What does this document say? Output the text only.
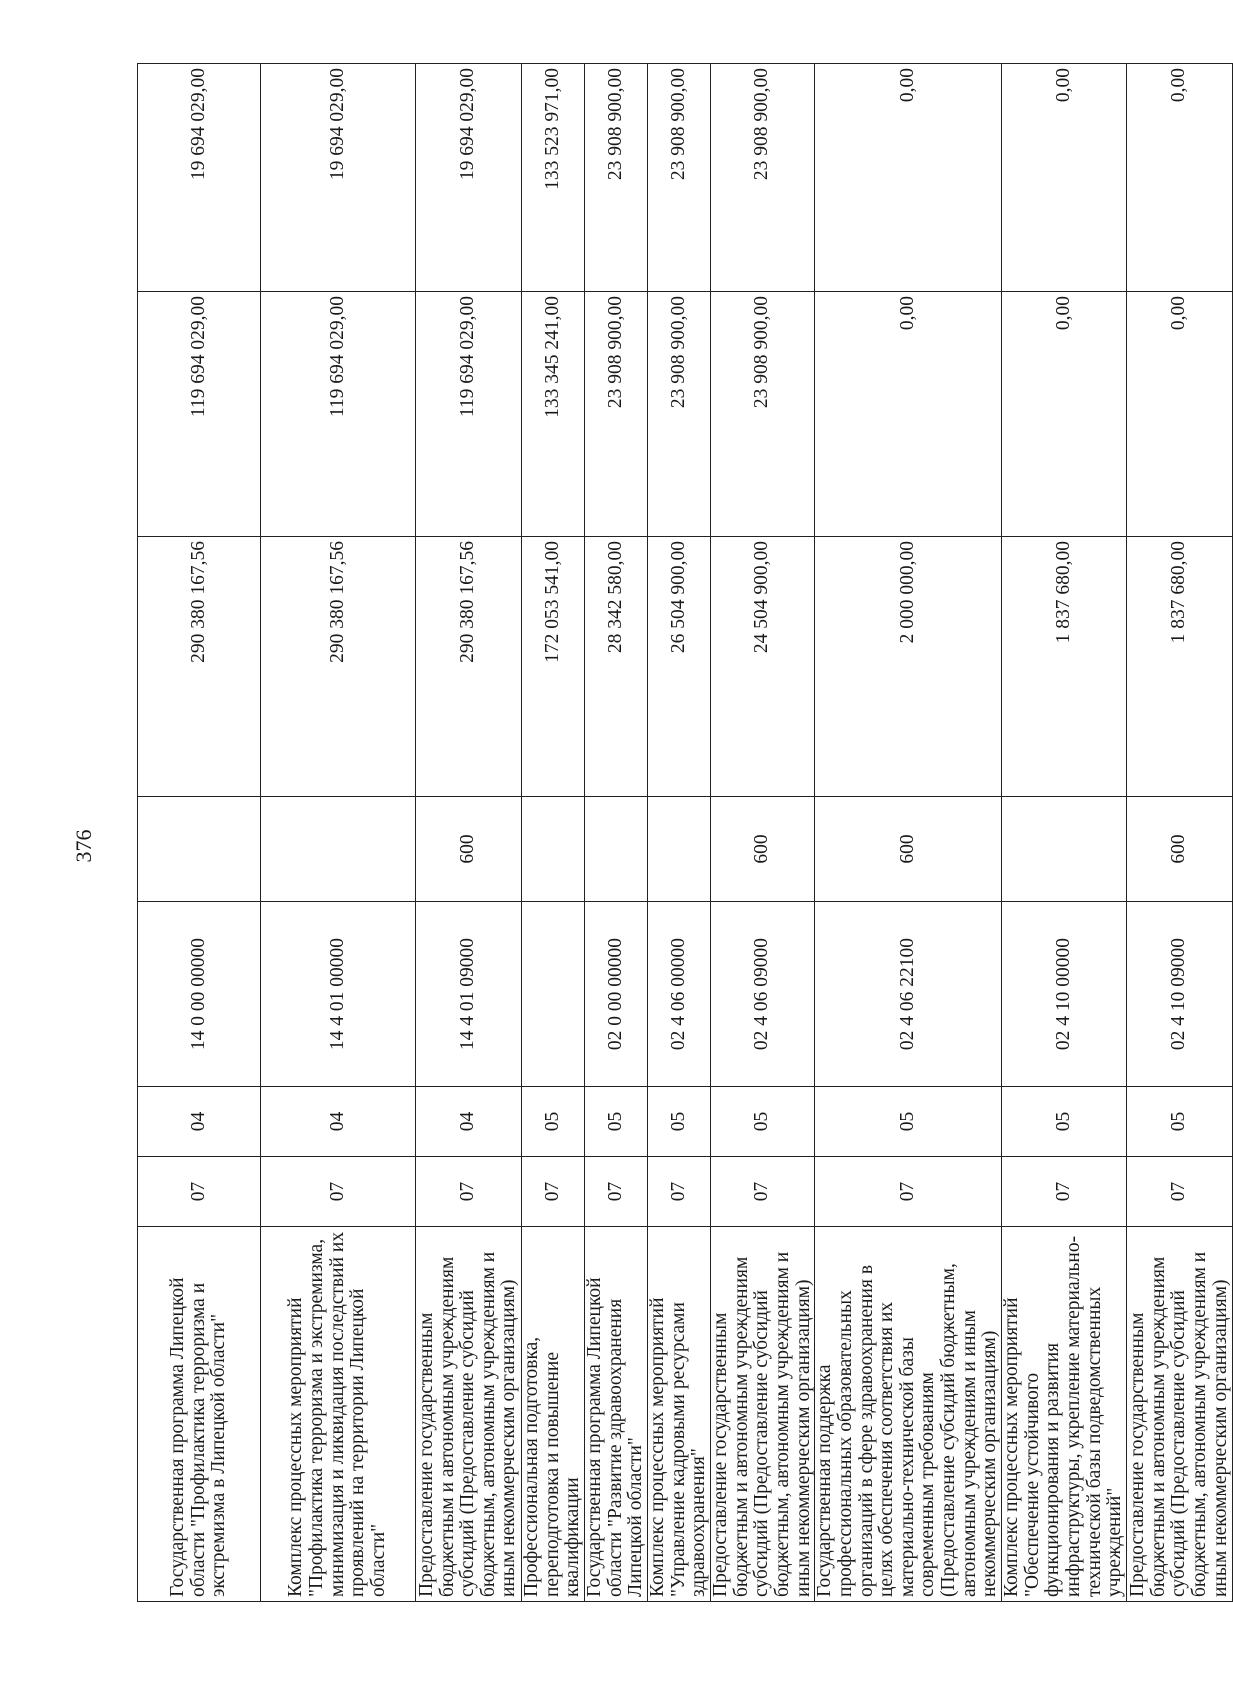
376
Государственная программа Липецкой области "Профилактика терроризма и экстремизма в Липецкой области"	07	04	14 0 00 00000		290 380 167,56	119 694 029,00	19 694 029,00
Комплекс процессных мероприятий "Профилактика терроризма и экстремизма, минимизация и ликвидация последствий их проявлений на территории Липецкой области"	07	04	14 4 01 00000		290 380 167,56	119 694 029,00	19 694 029,00
Предоставление государственным бюджетным и автономным учреждениям субсидий (Предоставление субсидий бюджетным, автономным учреждениям и иным некоммерческим организациям)	07	04	14 4 01 09000	600	290 380 167,56	119 694 029,00	19 694 029,00
Профессиональная подготовка, переподготовка и повышение квалификации	07	05			172 053 541,00	133 345 241,00	133 523 971,00
Государственная программа Липецкой области "Развитие здравоохранения Липецкой области"	07	05	02 0 00 00000		28 342 580,00	23 908 900,00	23 908 900,00
Комплекс процессных мероприятий "Управление кадровыми ресурсами здравоохранения"	07	05	02 4 06 00000		26 504 900,00	23 908 900,00	23 908 900,00
Предоставление государственным бюджетным и автономным учреждениям субсидий (Предоставление субсидий бюджетным, автономным учреждениям и иным некоммерческим организациям)	07	05	02 4 06 09000	600	24 504 900,00	23 908 900,00	23 908 900,00
Государственная поддержка профессиональных образовательных организаций в сфере здравоохранения в целях обеспечения соответствия их материально-технической базы современным требованиям (Предоставление субсидий бюджетным, автономным учреждениям и иным некоммерческим организациям)	07	05	02 4 06 22100	600	2 000 000,00	0,00	0,00
Комплекс процессных мероприятий "Обеспечение устойчивого функционирования и развития инфраструктуры, укрепление материально-технической базы подведомственных учреждений"	07	05	02 4 10 00000		1 837 680,00	0,00	0,00
Предоставление государственным бюджетным и автономным учреждениям субсидий (Предоставление субсидий бюджетным, автономным учреждениям и иным некоммерческим организациям)	07	05	02 4 10 09000	600	1 837 680,00	0,00	0,00
